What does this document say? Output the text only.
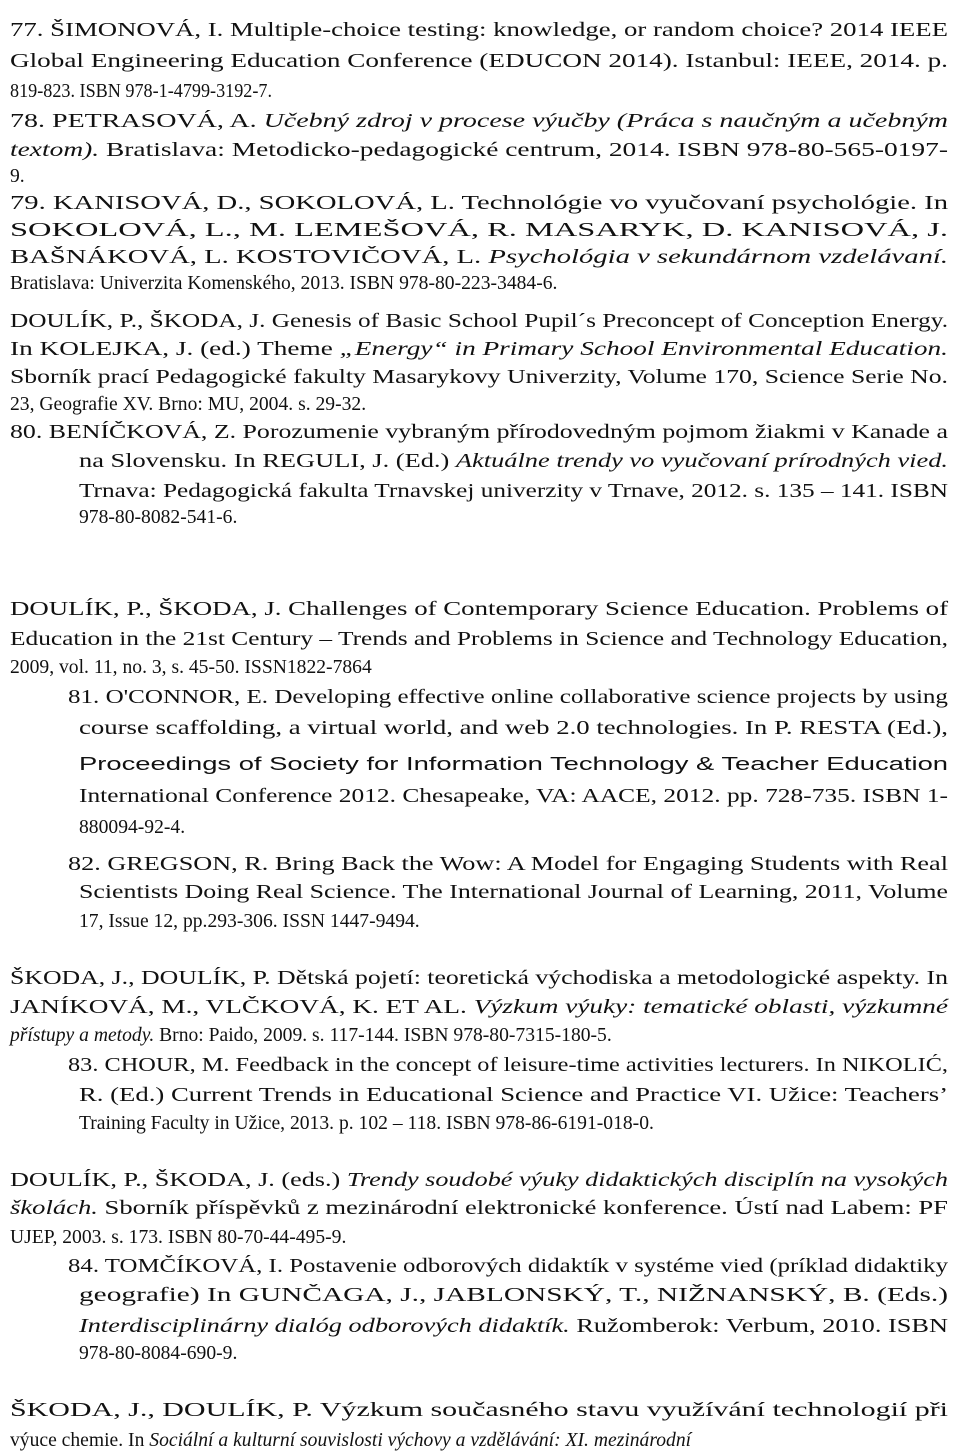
77. ŠIMONOVÁ, I. Multiple-choice testing: knowledge, or random choice? 2014 IEEE
Global Engineering Education Conference (EDUCON 2014). Istanbul: IEEE, 2014. p.
819-823. ISBN 978-1-4799-3192-7.
78. PETRASOVÁ, A. Učebný zdroj v procese výučby (Práca s naučným a učebným
textom). Bratislava: Metodicko-pedagogické centrum, 2014. ISBN 978-80-565-0197-
9.
79. KANISOVÁ, D., SOKOLOVÁ, L. Technológie vo vyučovaní psychológie. In
SOKOLOVÁ, L., M. LEMEŠOVÁ, R. MASARYK, D. KANISOVÁ, J.
BAŠNÁKOVÁ, L. KOSTOVIČOVÁ, L. Psychológia v sekundárnom vzdelávaní.
Bratislava: Univerzita Komenského, 2013. ISBN 978-80-223-3484-6.
DOULÍK, P., ŠKODA, J. Genesis of Basic School Pupil´s Preconcept of Conception Energy.
In KOLEJKA, J. (ed.) Theme „Energy“ in Primary School Environmental Education.
Sborník prací Pedagogické fakulty Masarykovy Univerzity, Volume 170, Science Serie No.
23, Geografie XV. Brno: MU, 2004. s. 29-32.
80. BENÍČKOVÁ, Z. Porozumenie vybraným přírodovedným pojmom žiakmi v Kanade a
na Slovensku. In REGULI, J. (Ed.) Aktuálne trendy vo vyučovaní prírodných vied.
Trnava: Pedagogická fakulta Trnavskej univerzity v Trnave, 2012. s. 135 – 141. ISBN
978-80-8082-541-6.
DOULÍK, P., ŠKODA, J. Challenges of Contemporary Science Education. Problems of
Education in the 21st Century – Trends and Problems in Science and Technology Education,
2009, vol. 11, no. 3, s. 45-50. ISSN1822-7864
81. O'CONNOR, E. Developing effective online collaborative science projects by using
course scaffolding, a virtual world, and web 2.0 technologies. In P. RESTA (Ed.),
Proceedings of Society for Information Technology & Teacher Education
International Conference 2012. Chesapeake, VA: AACE, 2012. pp. 728-735. ISBN 1-
880094-92-4.
82. GREGSON, R. Bring Back the Wow: A Model for Engaging Students with Real
Scientists Doing Real Science. The International Journal of Learning, 2011, Volume
17, Issue 12, pp.293-306. ISSN 1447-9494.
ŠKODA, J., DOULÍK, P. Dětská pojetí: teoretická východiska a metodologické aspekty. In
JANÍKOVÁ, M., VLČKOVÁ, K. ET AL. Výzkum výuky: tematické oblasti, výzkumné
přístupy a metody. Brno: Paido, 2009. s. 117-144. ISBN 978-80-7315-180-5.
83. CHOUR, M. Feedback in the concept of leisure-time activities lecturers. In NIKOLIĆ,
R. (Ed.) Current Trends in Educational Science and Practice VI. Užice: Teachers’
Training Faculty in Užice, 2013. p. 102 – 118. ISBN 978-86-6191-018-0.
DOULÍK, P., ŠKODA, J. (eds.) Trendy soudobé výuky didaktických disciplín na vysokých
školách. Sborník příspěvků z mezinárodní elektronické konference. Ústí nad Labem: PF
UJEP, 2003. s. 173. ISBN 80-70-44-495-9.
84. TOMČÍKOVÁ, I. Postavenie odborových didaktík v systéme vied (príklad didaktiky
geografie) In GUNČAGA, J., JABLONSKÝ, T., NIŽNANSKÝ, B. (Eds.)
Interdisciplinárny dialóg odborových didaktík. Ružomberok: Verbum, 2010. ISBN
978-80-8084-690-9.
ŠKODA, J., DOULÍK, P. Výzkum současného stavu využívání technologií při
výuce chemie. In Sociální a kulturní souvislosti výchovy a vzdělávání: XI. mezinárodní
